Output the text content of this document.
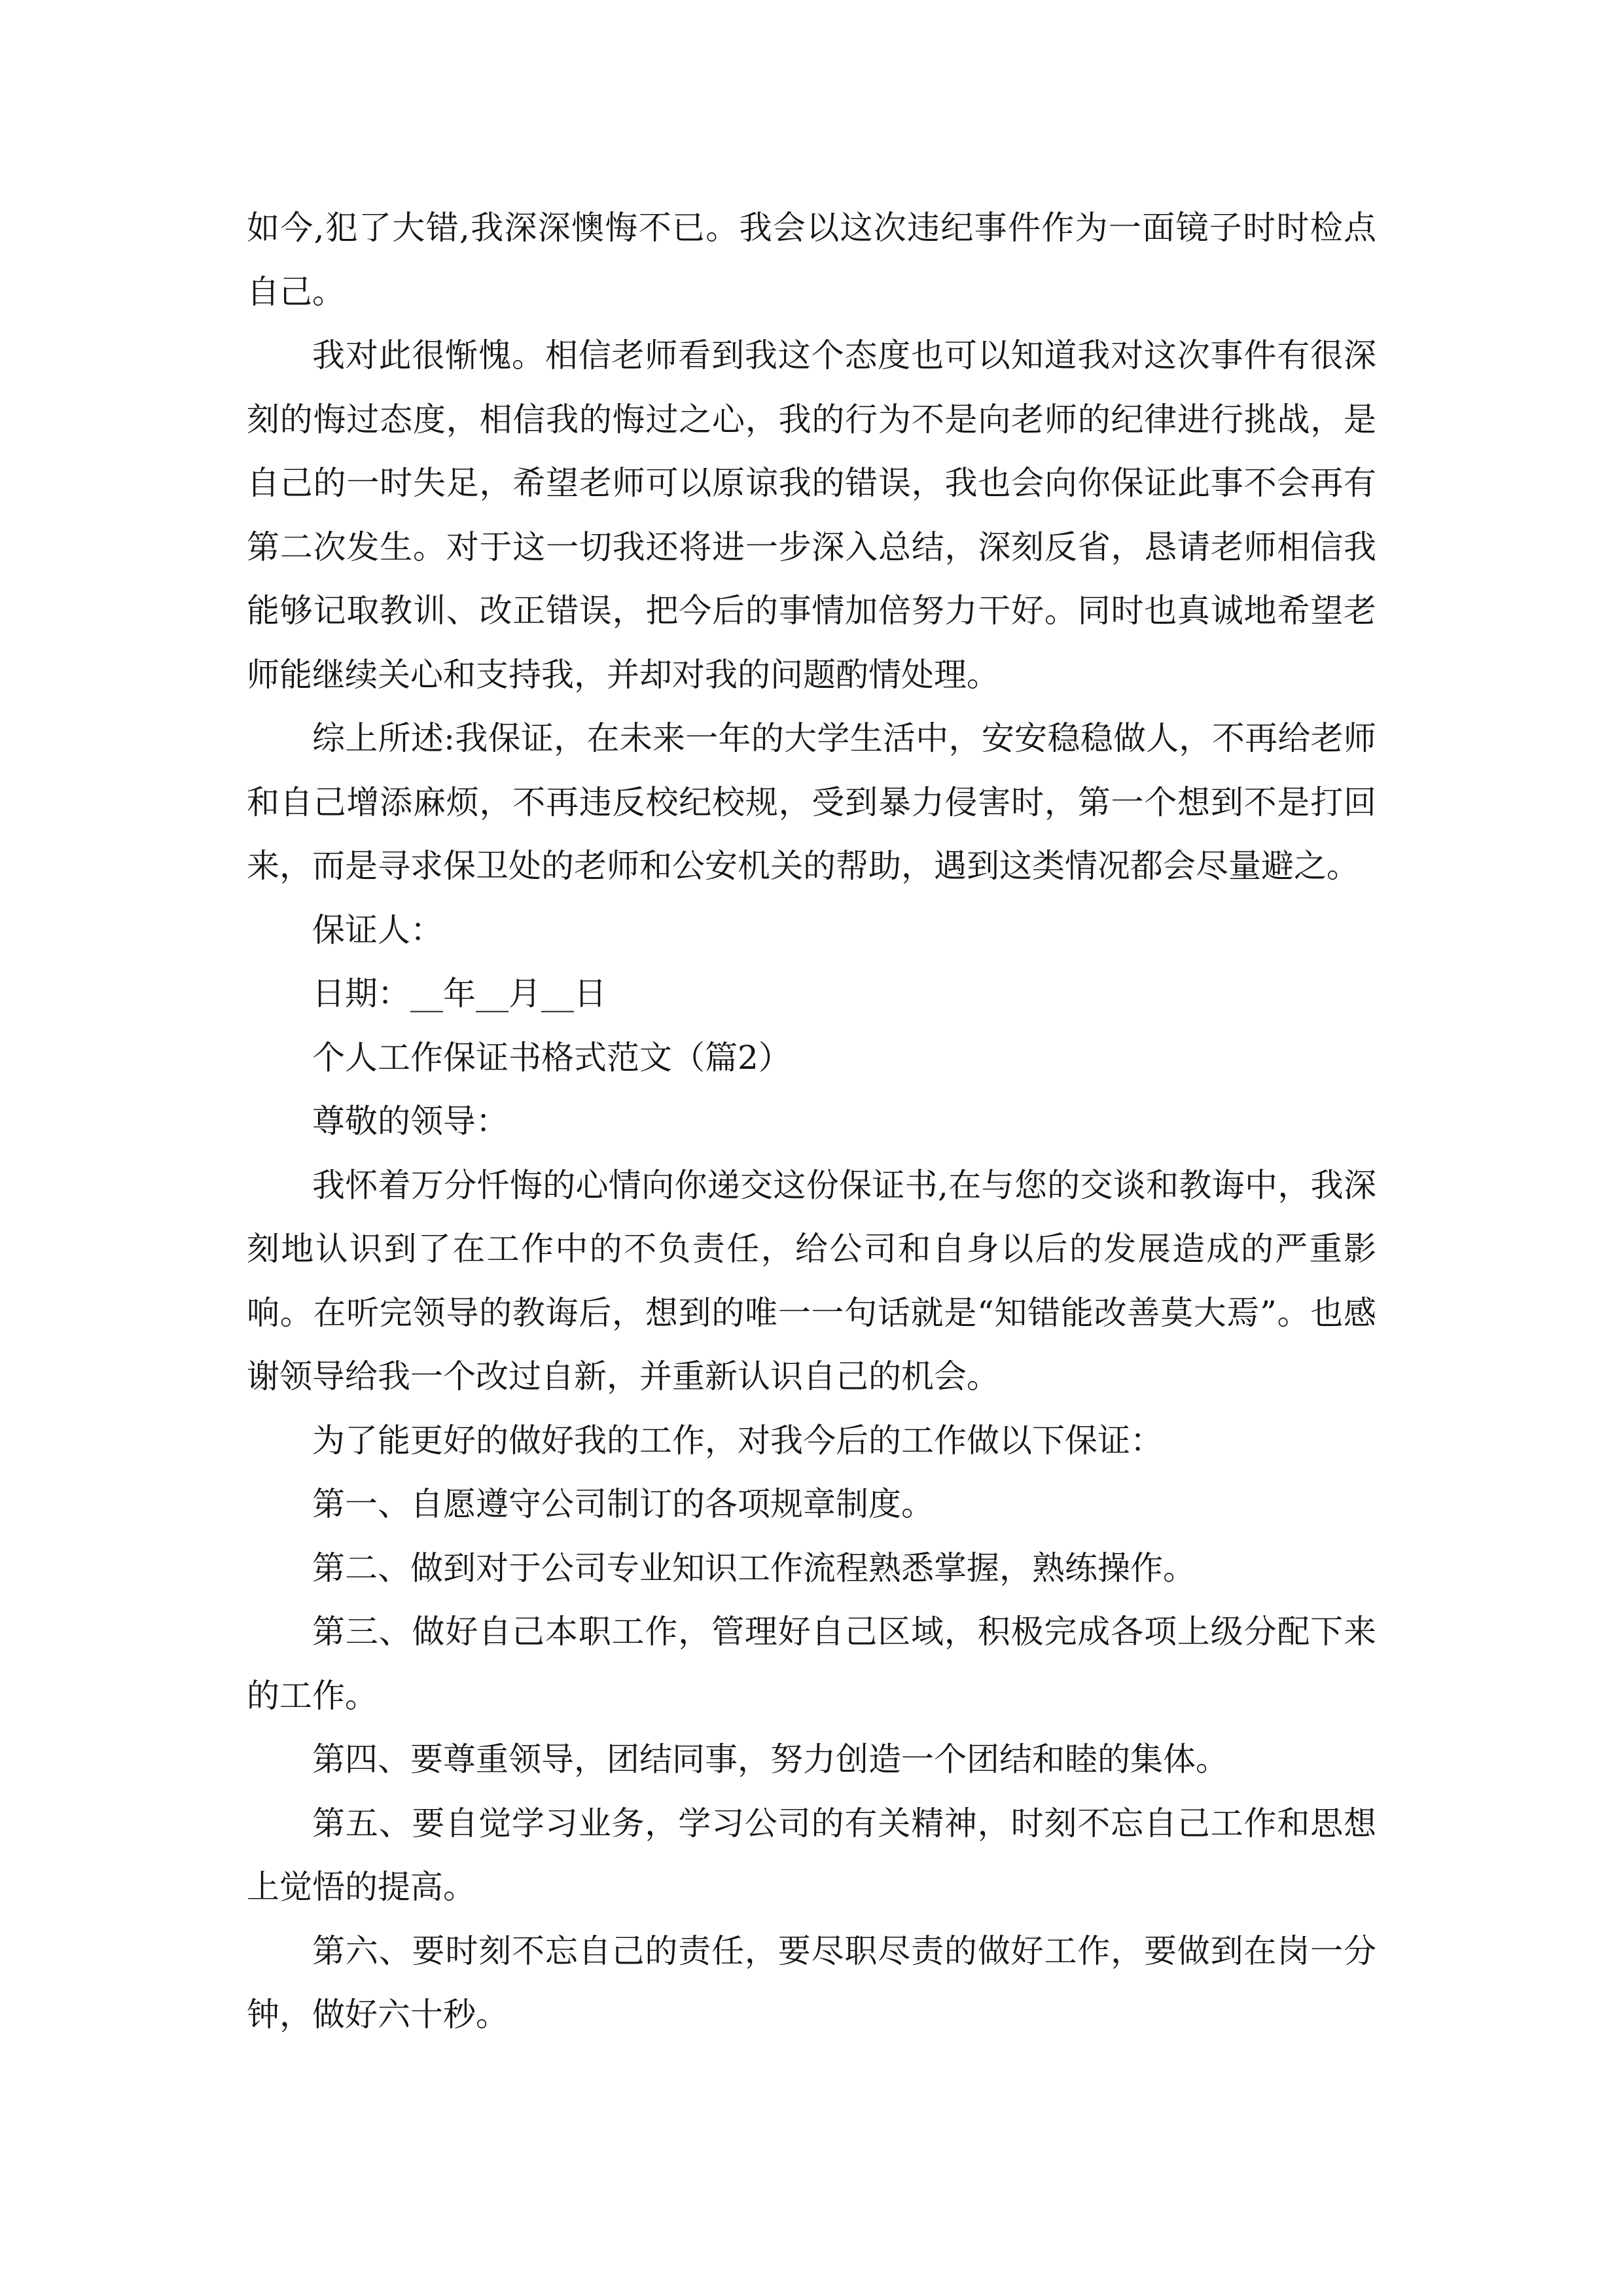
如今,犯了大错,我深深懊悔不已。我会以这次违纪事件作为一面镜子时时检点自己。

我对此很惭愧。相信老师看到我这个态度也可以知道我对这次事件有很深刻的悔过态度，相信我的悔过之心，我的行为不是向老师的纪律进行挑战，是自己的一时失足，希望老师可以原谅我的错误，我也会向你保证此事不会再有第二次发生。对于这一切我还将进一步深入总结，深刻反省，恳请老师相信我能够记取教训、改正错误，把今后的事情加倍努力干好。同时也真诚地希望老师能继续关心和支持我，并却对我的问题酌情处理。

综上所述:我保证，在未来一年的大学生活中，安安稳稳做人，不再给老师和自己增添麻烦，不再违反校纪校规，受到暴力侵害时，第一个想到不是打回来，而是寻求保卫处的老师和公安机关的帮助，遇到这类情况都会尽量避之。

保证人：

日期：__年__月__日

个人工作保证书格式范文（篇2）

尊敬的领导：

我怀着万分忏悔的心情向你递交这份保证书,在与您的交谈和教诲中，我深刻地认识到了在工作中的不负责任，给公司和自身以后的发展造成的严重影响。在听完领导的教诲后，想到的唯一一句话就是“知错能改善莫大焉”。也感谢领导给我一个改过自新，并重新认识自己的机会。

为了能更好的做好我的工作，对我今后的工作做以下保证：

第一、自愿遵守公司制订的各项规章制度。

第二、做到对于公司专业知识工作流程熟悉掌握，熟练操作。

第三、做好自己本职工作，管理好自己区域，积极完成各项上级分配下来的工作。

第四、要尊重领导，团结同事，努力创造一个团结和睦的集体。

第五、要自觉学习业务，学习公司的有关精神，时刻不忘自己工作和思想上觉悟的提高。

第六、要时刻不忘自己的责任，要尽职尽责的做好工作，要做到在岗一分钟，做好六十秒。
